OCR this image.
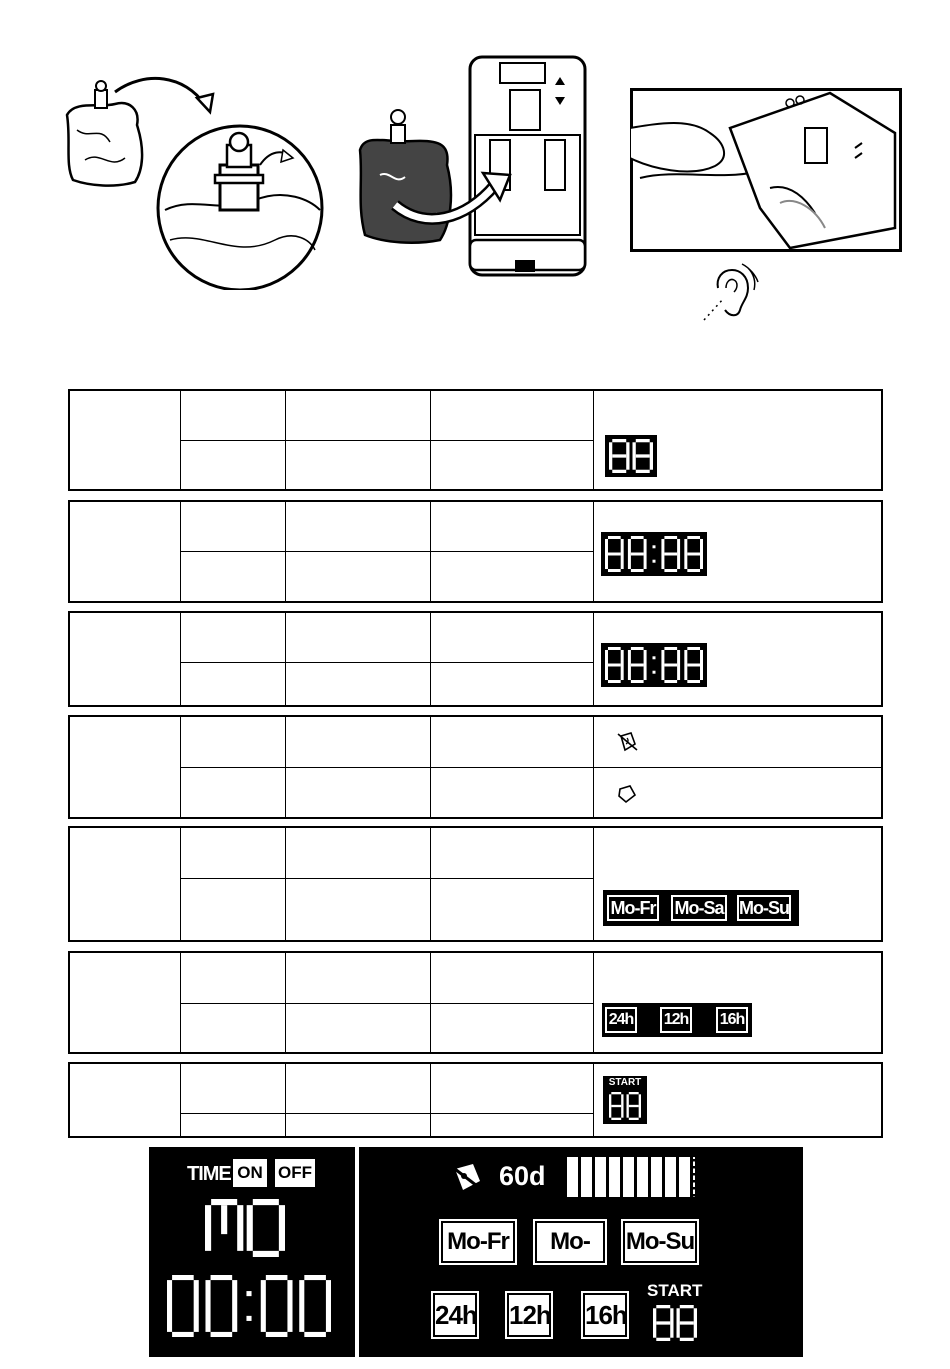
Mo-Fr Mo-Sa Mo-Su
24h 12h 16h
START
TIME ON OFF	60d
Mo-Fr	Mo-Sa
Mo-Su
24h 12h 16h
START
